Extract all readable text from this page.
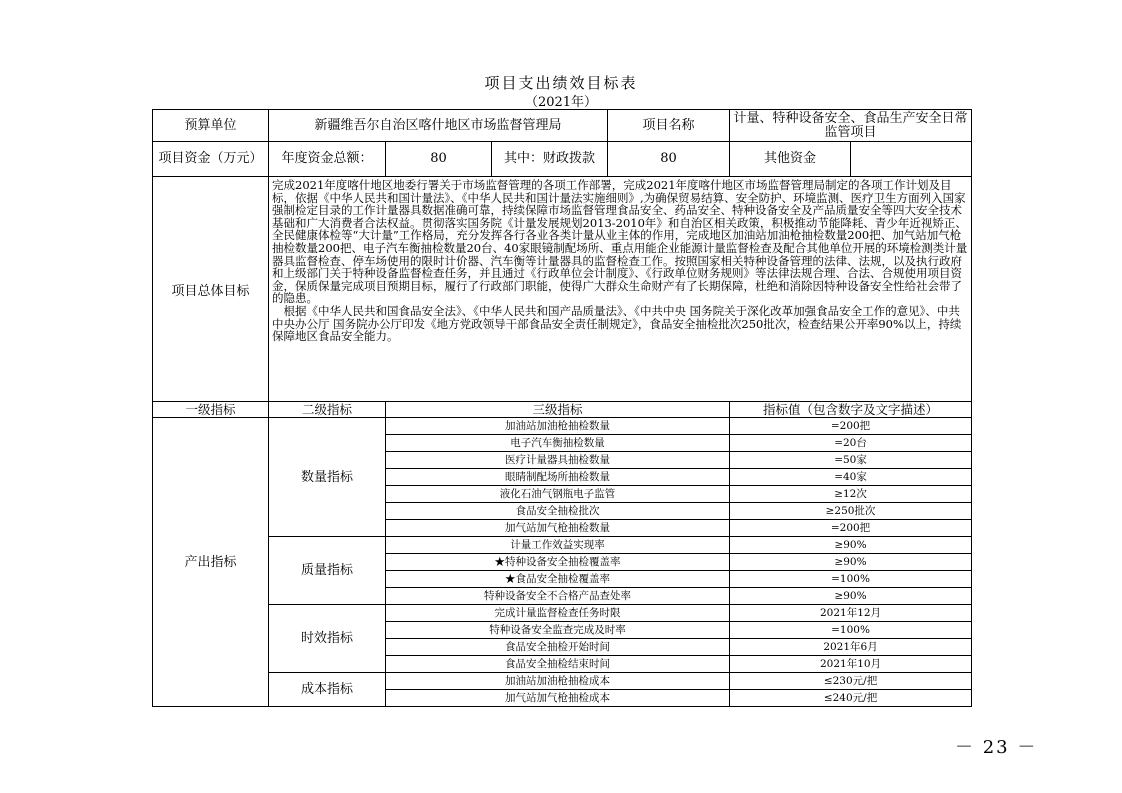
项目支出绩效目标表
（2021年）
预算单位	新疆维吾尔自治区喀什地区市场监督管理局			项目名称	计量、特种设备安全、食品生产安全日常监管项目	
项目资金（万元）	年度资金总额：	80	其中：财政拨款	80	其他资金	
项目总体目标	完成2021年度喀什地区地委行署关于市场监督管理的各项工作部署，完成2021年度喀什地区市场监督管理局制定的各项工作计划及目标，依据《中华人民共和国计量法》、《中华人民共和国计量法实施细则》,为确保贸易结算、安全防护、环境监测、医疗卫生方面列入国家强制检定目录的工作计量器具数据准确可靠，持续保障市场监督管理食品安全、药品安全、特种设备安全及产品质量安全等四大安全技术基础和广大消费者合法权益。贯彻落实国务院《计量发展规划2013-2010年》和自治区相关政策，积极推动节能降耗、青少年近视矫正、全民健康体检等“大计量”工作格局，充分发挥各行各业各类计量从业主体的作用，完成地区加油站加油枪抽检数量200把、加气站加气枪抽检数量200把、电子汽车衡抽检数量20台、40家眼镜制配场所、重点用能企业能源计量监督检查及配合其他单位开展的环境检测类计量器具监督检查、停车场使用的限时计价器、汽车衡等计量器具的监督检查工作。按照国家相关特种设备管理的法律、法规，以及执行政府和上级部门关于特种设备监督检查任务，并且通过《行政单位会计制度》、《行政单位财务规则》等法律法规合理、合法、合规使用项目资金，保质保量完成项目预期目标，履行了行政部门职能，使得广大群众生命财产有了长期保障，杜绝和消除因特种设备安全性给社会带了的隐患。

根据《中华人民共和国食品安全法》、《中华人民共和国产品质量法》、《中共中央 国务院关于深化改革加强食品安全工作的意见》、中共中央办公厅 国务院办公厅印发《地方党政领导干部食品安全责任制规定》，食品安全抽检批次250批次，检查结果公开率90%以上，持续保障地区食品安全能力。					

一级指标	二级指标	三级指标			指标值（包含数字及文字描述）	
产出指标	数量指标	加油站加油枪抽检数量			=200把	
		电子汽车衡抽检数量			=20台	
		医疗计量器具抽检数量			=50家	
		眼睛制配场所抽检数量			=40家	
		液化石油气钢瓶电子监管			≥12次	
		食品安全抽检批次			≥250批次	
		加气站加气枪抽检数量			=200把	
	质量指标	计量工作效益实现率			≥90%	
		★特种设备安全抽检覆盖率			≥90%	
		★食品安全抽检覆盖率			=100%	
		特种设备安全不合格产品查处率			≥90%	
	时效指标	完成计量监督检查任务时限			2021年12月	
		特种设备安全监查完成及时率			=100%	
		食品安全抽检开始时间			2021年6月	
		食品安全抽检结束时间			2021年10月	
	成本指标	加油站加油枪抽检成本			≤230元/把	
		加气站加气枪抽检成本			≤240元/把	
－ 23 －
